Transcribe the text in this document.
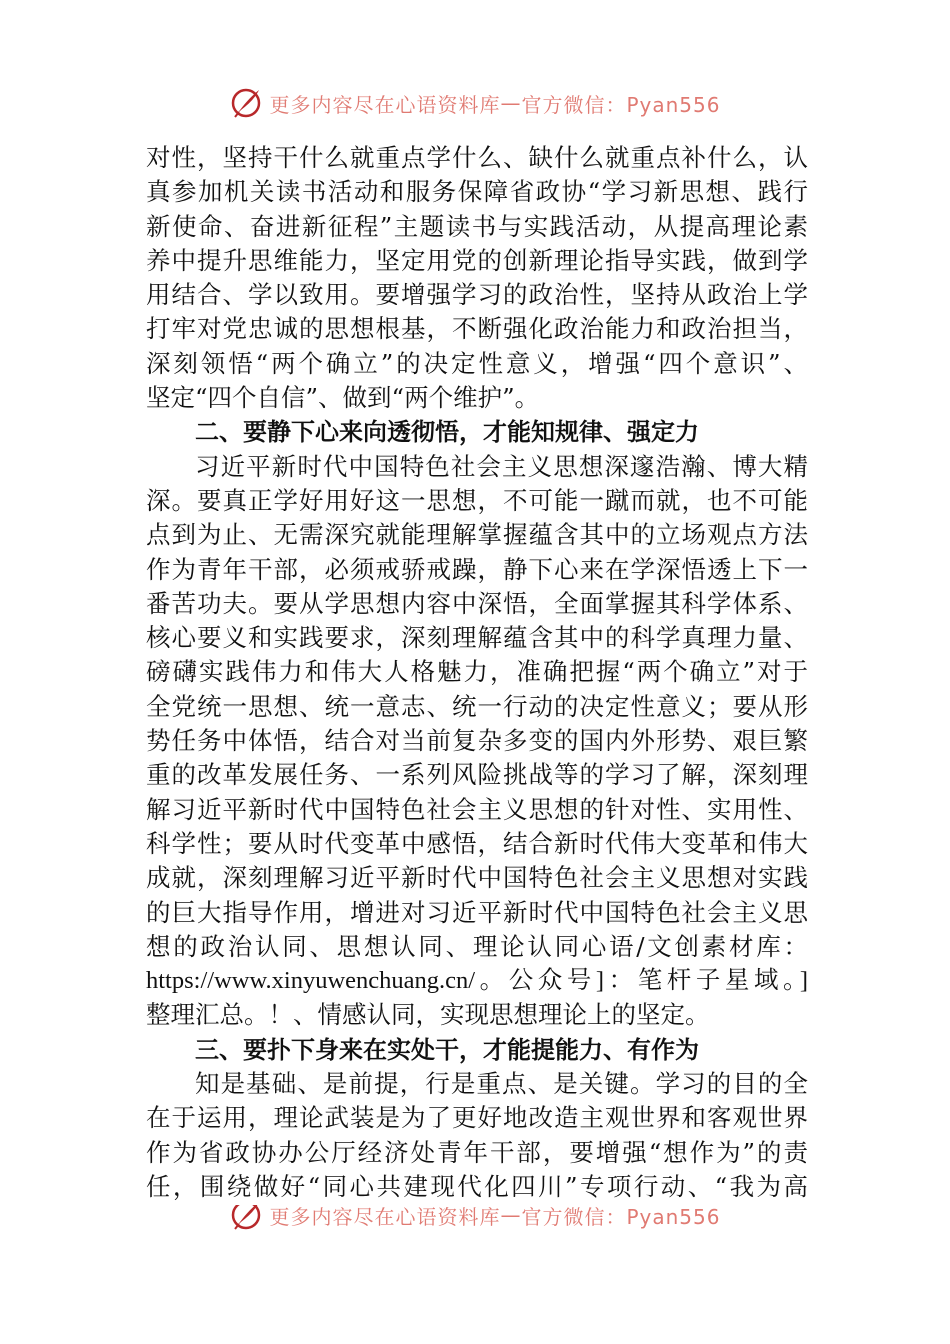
更多内容尽在心语资料库 — 官方微信：Pyan556
对性，坚持干什么就重点学什么、缺什么就重点补什么，认
真参加机关读书活动和服务保障省政协“学习新思想、践行
新使命、奋进新征程”主题读书与实践活动，从提高理论素
养中提升思维能力，坚定用党的创新理论指导实践，做到学
用结合、学以致用。要增强学习的政治性，坚持从政治上学
打牢对党忠诚的思想根基，不断强化政治能力和政治担当，
深刻领悟“两个确立”的决定性意义，增强“四个意识”、
坚定“四个自信”、做到“两个维护”。
二、要静下心来向透彻悟，才能知规律、强定力
习近平新时代中国特色社会主义思想深邃浩瀚、博大精
深。要真正学好用好这一思想，不可能一蹴而就，也不可能
点到为止、无需深究就能理解掌握蕴含其中的立场观点方法
作为青年干部，必须戒骄戒躁，静下心来在学深悟透上下一
番苦功夫。要从学思想内容中深悟，全面掌握其科学体系、
核心要义和实践要求，深刻理解蕴含其中的科学真理力量、
磅礴实践伟力和伟大人格魅力，准确把握“两个确立”对于
全党统一思想、统一意志、统一行动的决定性意义；要从形
势任务中体悟，结合对当前复杂多变的国内外形势、艰巨繁
重的改革发展任务、一系列风险挑战等的学习了解，深刻理
解习近平新时代中国特色社会主义思想的针对性、实用性、
科学性；要从时代变革中感悟，结合新时代伟大变革和伟大
成就，深刻理解习近平新时代中国特色社会主义思想对实践
的巨大指导作用，增进对习近平新时代中国特色社会主义思
想的政治认同、思想认同、理论认同心语/文创素材库：
https://www.xinyuwenchuang.cn/。公众号]：笔杆子星域。]
整理汇总。！、情感认同，实现思想理论上的坚定。
三、要扑下身来在实处干，才能提能力、有作为
知是基础、是前提，行是重点、是关键。学习的目的全
在于运用，理论武装是为了更好地改造主观世界和客观世界
作为省政协办公厅经济处青年干部，要增强“想作为”的责
任，围绕做好“同心共建现代化四川”专项行动、“我为高
更多内容尽在心语资料库 — 官方微信：Pyan556
